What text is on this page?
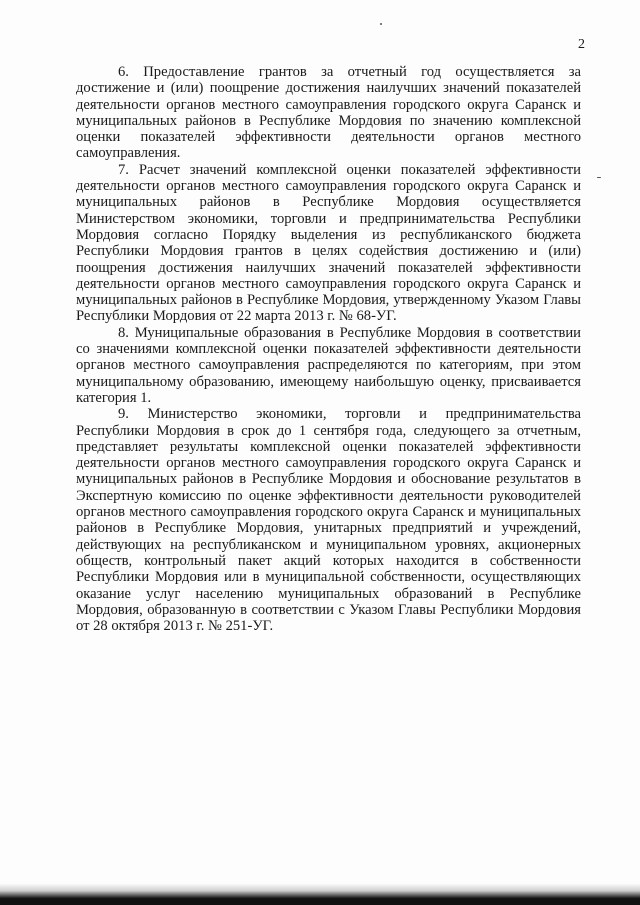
2

6. Предоставление грантов за отчетный год осуществляется за достижение и (или) поощрение достижения наилучших значений показателей деятельности органов местного самоуправления городского округа Саранск и муниципальных районов в Республике Мордовия по значению комплексной оценки показателей эффективности деятельности органов местного самоуправления.

7. Расчет значений комплексной оценки показателей эффективности деятельности органов местного самоуправления городского округа Саранск и муниципальных районов в Республике Мордовия осуществляется Министерством экономики, торговли и предпринимательства Республики Мордовия согласно Порядку выделения из республиканского бюджета Республики Мордовия грантов в целях содействия достижению и (или) поощрения достижения наилучших значений показателей эффективности деятельности органов местного самоуправления городского округа Саранск и муниципальных районов в Республике Мордовия, утвержденному Указом Главы Республики Мордовия от 22 марта 2013 г. № 68-УГ.

8. Муниципальные образования в Республике Мордовия в соответствии со значениями комплексной оценки показателей эффективности деятельности органов местного самоуправления распределяются по категориям, при этом муниципальному образованию, имеющему наибольшую оценку, присваивается категория 1.

9. Министерство экономики, торговли и предпринимательства Республики Мордовия в срок до 1 сентября года, следующего за отчетным, представляет результаты комплексной оценки показателей эффективности деятельности органов местного самоуправления городского округа Саранск и муниципальных районов в Республике Мордовия и обоснование результатов в Экспертную комиссию по оценке эффективности деятельности руководителей органов местного самоуправления городского округа Саранск и муниципальных районов в Республике Мордовия, унитарных предприятий и учреждений, действующих на республиканском и муниципальном уровнях, акционерных обществ, контрольный пакет акций которых находится в собственности Республики Мордовия или в муниципальной собственности, осуществляющих оказание услуг населению муниципальных образований в Республике Мордовия, образованную в соответствии с Указом Главы Республики Мордовия от 28 октября 2013 г. № 251-УГ.
